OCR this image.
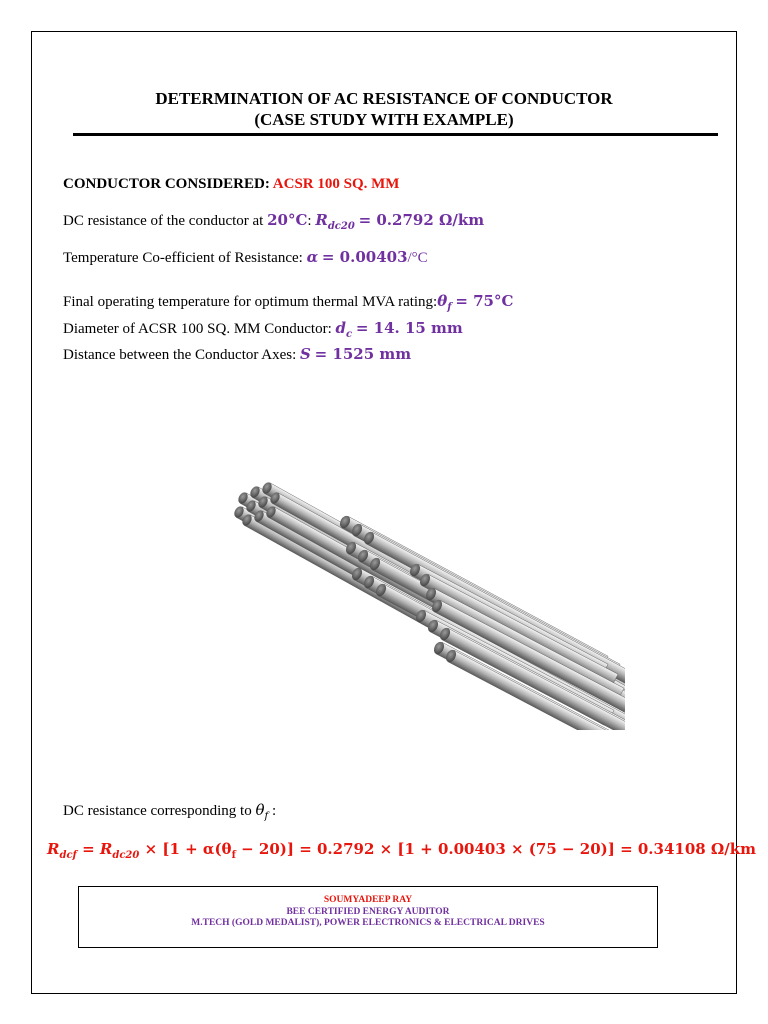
DETERMINATION OF AC RESISTANCE OF CONDUCTOR
(CASE STUDY WITH EXAMPLE)
CONDUCTOR CONSIDERED: ACSR 100 SQ. MM
DC resistance of the conductor at 20°C: $R_{dc20} = 0.2792$ Ω/km
Temperature Co-efficient of Resistance: α = 0.00403/°C
Final operating temperature for optimum thermal MVA $rating:\theta_f = 75^\circ C$
Diameter of ACSR 100 SQ. MM Conductor: $d_c = 14$. 15 mm
Distance between the Conductor Axes: S = 1525 mm
DC resistance corresponding to $\theta_f$ :
$R_{dcf} = R_{dc20} \times [1 + \alpha(\theta_f - 20)] = 0.2792 \times [1 + 0.00403 \times (75 - 20)] = 0.34108$ Ω/km
SOUMYADEEP RAY
BEE CERTIFIED ENERGY AUDITOR
M.TECH (GOLD MEDALIST), POWER ELECTRONICS & ELECTRICAL DRIVES
